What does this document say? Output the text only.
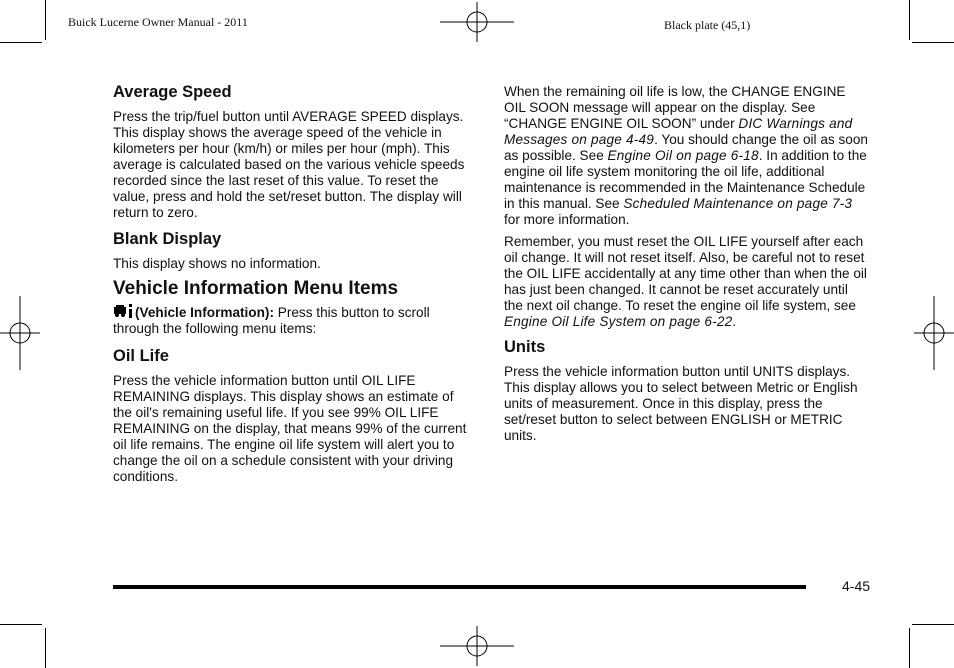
Buick Lucerne Owner Manual - 2011	Black plate (45,1)
Average Speed

Press the trip/fuel button until AVERAGE SPEED displays. This display shows the average speed of the vehicle in kilometers per hour (km/h) or miles per hour (mph). This average is calculated based on the various vehicle speeds recorded since the last reset of this value. To reset the value, press and hold the set/reset button. The display will return to zero.

Blank Display

This display shows no information.

Vehicle Information Menu Items

(Vehicle Information): Press this button to scroll through the following menu items:

Oil Life

Press the vehicle information button until OIL LIFE REMAINING displays. This display shows an estimate of the oil's remaining useful life. If you see 99% OIL LIFE REMAINING on the display, that means 99% of the current oil life remains. The engine oil life system will alert you to change the oil on a schedule consistent with your driving conditions.

When the remaining oil life is low, the CHANGE ENGINE OIL SOON message will appear on the display. See “CHANGE ENGINE OIL SOON” under DIC Warnings and Messages on page 4‑49. You should change the oil as soon as possible. See Engine Oil on page 6‑18. In addition to the engine oil life system monitoring the oil life, additional maintenance is recommended in the Maintenance Schedule in this manual. See Scheduled Maintenance on page 7‑3 for more information.

Remember, you must reset the OIL LIFE yourself after each oil change. It will not reset itself. Also, be careful not to reset the OIL LIFE accidentally at any time other than when the oil has just been changed. It cannot be reset accurately until the next oil change. To reset the engine oil life system, see Engine Oil Life System on page 6‑22.

Units

Press the vehicle information button until UNITS displays. This display allows you to select between Metric or English units of measurement. Once in this display, press the set/reset button to select between ENGLISH or METRIC units.

4-45
